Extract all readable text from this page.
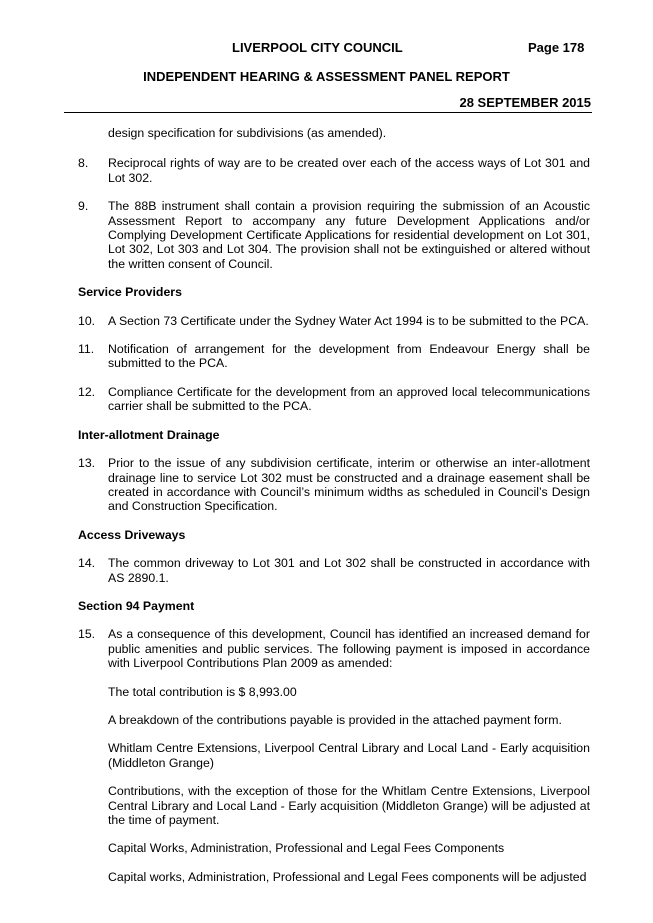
LIVERPOOL CITY COUNCIL	Page 178
INDEPENDENT HEARING & ASSESSMENT PANEL REPORT
28 SEPTEMBER 2015

design specification for subdivisions (as amended).

8.	Reciprocal rights of way are to be created over each of the access ways of Lot 301 and Lot 302.
9.	The 88B instrument shall contain a provision requiring the submission of an Acoustic Assessment Report to accompany any future Development Applications and/or Complying Development Certificate Applications for residential development on Lot 301, Lot 302, Lot 303 and Lot 304. The provision shall not be extinguished or altered without the written consent of Council.

Service Providers

10.	A Section 73 Certificate under the Sydney Water Act 1994 is to be submitted to the PCA.
11.	Notification of arrangement for the development from Endeavour Energy shall be submitted to the PCA.
12.	Compliance Certificate for the development from an approved local telecommunications carrier shall be submitted to the PCA.

Inter-allotment Drainage

13.	Prior to the issue of any subdivision certificate, interim or otherwise an inter-allotment drainage line to service Lot 302 must be constructed and a drainage easement shall be created in accordance with Council’s minimum widths as scheduled in Council’s Design and Construction Specification.

Access Driveways

14.	The common driveway to Lot 301 and Lot 302 shall be constructed in accordance with AS 2890.1.

Section 94 Payment

15.	As a consequence of this development, Council has identified an increased demand for public amenities and public services. The following payment is imposed in accordance with Liverpool Contributions Plan 2009 as amended:

The total contribution is $ 8,993.00

A breakdown of the contributions payable is provided in the attached payment form.

Whitlam Centre Extensions, Liverpool Central Library and Local Land - Early acquisition (Middleton Grange)

Contributions, with the exception of those for the Whitlam Centre Extensions, Liverpool Central Library and Local Land - Early acquisition (Middleton Grange) will be adjusted at the time of payment.

Capital Works, Administration, Professional and Legal Fees Components

Capital works, Administration, Professional and Legal Fees components will be adjusted
